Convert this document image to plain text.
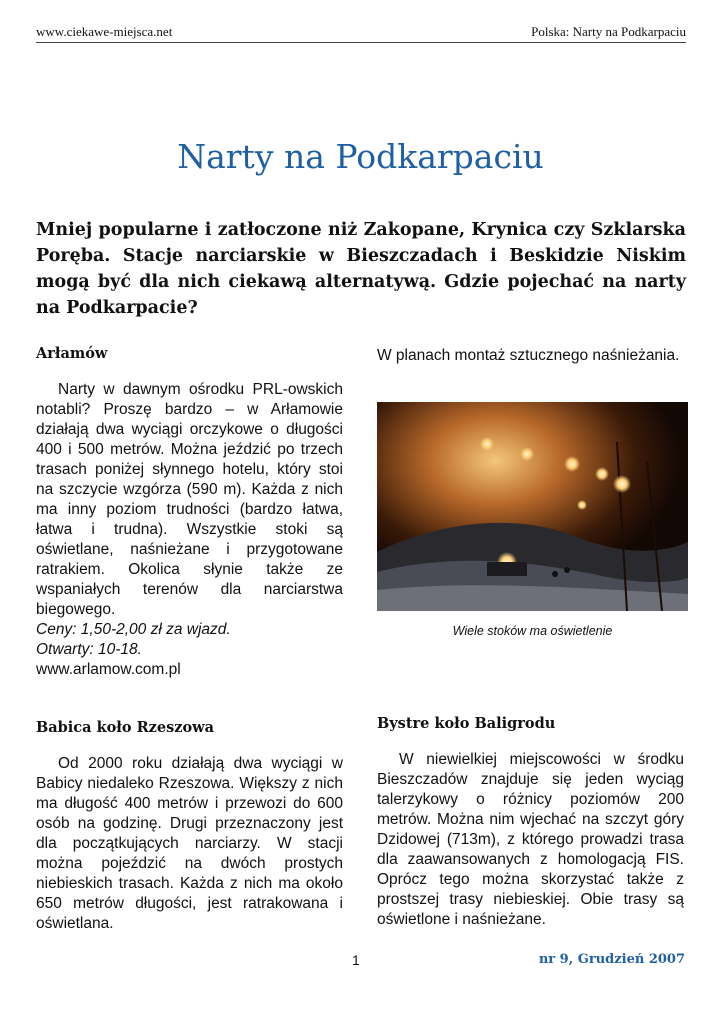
www.ciekawe-miejsca.net	Polska: Narty na Podkarpaciu
Narty na Podkarpaciu

Mniej popularne i zatłoczone niż Zakopane, Krynica czy Szklarska Poręba. Stacje narciarskie w Bieszczadach i Beskidzie Niskim mogą być dla nich ciekawą alternatywą. Gdzie pojechać na narty na Podkarpacie?

Arłamów

Narty w dawnym ośrodku PRL-owskich notabli? Proszę bardzo – w Arłamowie działają dwa wyciągi orczykowe o długości 400 i 500 metrów. Można jeździć po trzech trasach poniżej słynnego hotelu, który stoi na szczycie wzgórza (590 m). Każda z nich ma inny poziom trudności (bardzo łatwa, łatwa i trudna). Wszystkie stoki są oświetlane, naśnieżane i przygotowane ratrakiem. Okolica słynie także ze wspaniałych terenów dla narciarstwa biegowego.

Ceny: 1,50-2,00 zł za wjazd.

Otwarty: 10-18.

www.arlamow.com.pl

W planach montaż sztucznego naśnieżania.

Wiele stoków ma oświetlenie
Babica koło Rzeszowa

Od 2000 roku działają dwa wyciągi w Babicy niedaleko Rzeszowa. Większy z nich ma długość 400 metrów i przewozi do 600 osób na godzinę. Drugi przeznaczony jest dla początkujących narciarzy. W stacji można pojeździć na dwóch prostych niebieskich trasach. Każda z nich ma około 650 metrów długości, jest ratrakowana i oświetlana.

Bystre koło Baligrodu

W niewielkiej miejscowości w środku Bieszczadów znajduje się jeden wyciąg talerzykowy o różnicy poziomów 200 metrów. Można nim wjechać na szczyt góry Dzidowej (713m), z którego prowadzi trasa dla zaawansowanych z homologacją FIS. Oprócz tego można skorzystać także z prostszej trasy niebieskiej. Obie trasy są oświetlone i naśnieżane.

1	nr 9, Grudzień 2007
